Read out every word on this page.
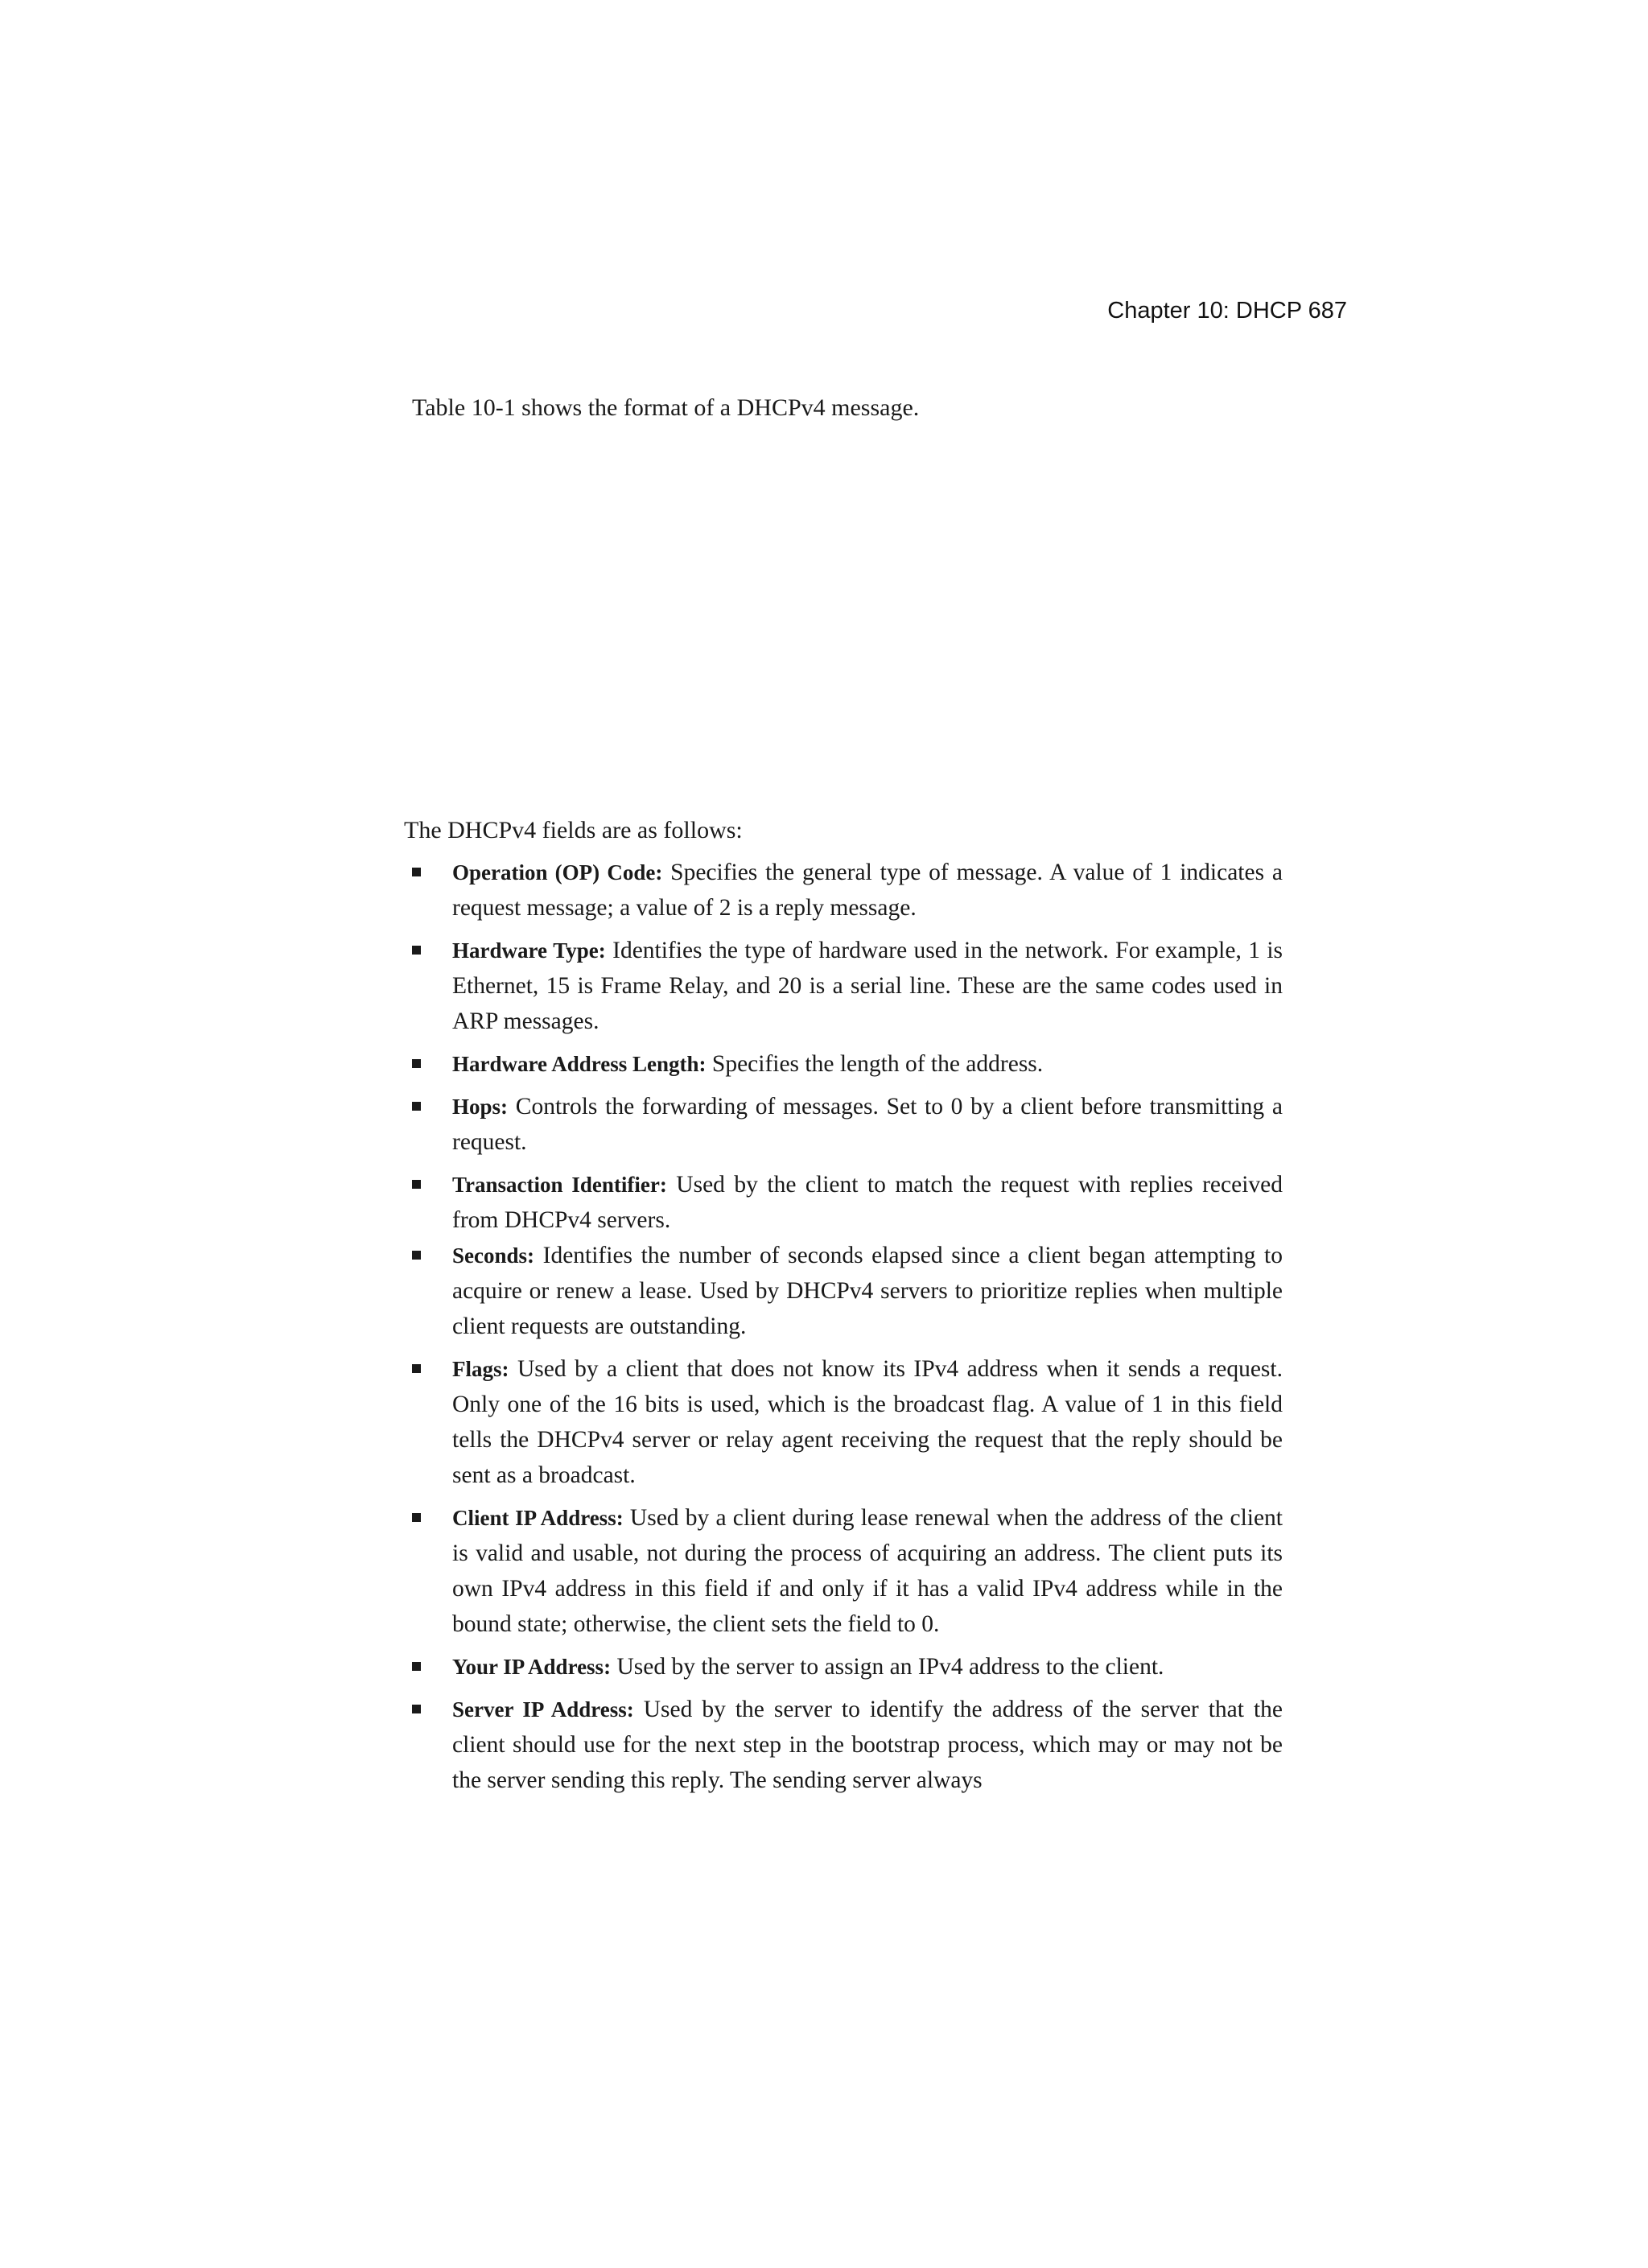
Chapter 10: DHCP 687
Table 10-1 shows the format of a DHCPv4 message.
The DHCPv4 fields are as follows:
Operation (OP) Code: Specifies the general type of message. A value of 1 indicates a request message; a value of 2 is a reply message.
Hardware Type: Identifies the type of hardware used in the network. For example, 1 is Ethernet, 15 is Frame Relay, and 20 is a serial line. These are the same codes used in ARP messages.
Hardware Address Length: Specifies the length of the address.
Hops: Controls the forwarding of messages. Set to 0 by a client before transmitting a request.
Transaction Identifier: Used by the client to match the request with replies received from DHCPv4 servers.
Seconds: Identifies the number of seconds elapsed since a client began attempting to acquire or renew a lease. Used by DHCPv4 servers to prioritize replies when multiple client requests are outstanding.
Flags: Used by a client that does not know its IPv4 address when it sends a request. Only one of the 16 bits is used, which is the broadcast flag. A value of 1 in this field tells the DHCPv4 server or relay agent receiving the request that the reply should be sent as a broadcast.
Client IP Address: Used by a client during lease renewal when the address of the client is valid and usable, not during the process of acquiring an address. The client puts its own IPv4 address in this field if and only if it has a valid IPv4 address while in the bound state; otherwise, the client sets the field to 0.
Your IP Address: Used by the server to assign an IPv4 address to the client.
Server IP Address: Used by the server to identify the address of the server that the client should use for the next step in the bootstrap process, which may or may not be the server sending this reply. The sending server always
